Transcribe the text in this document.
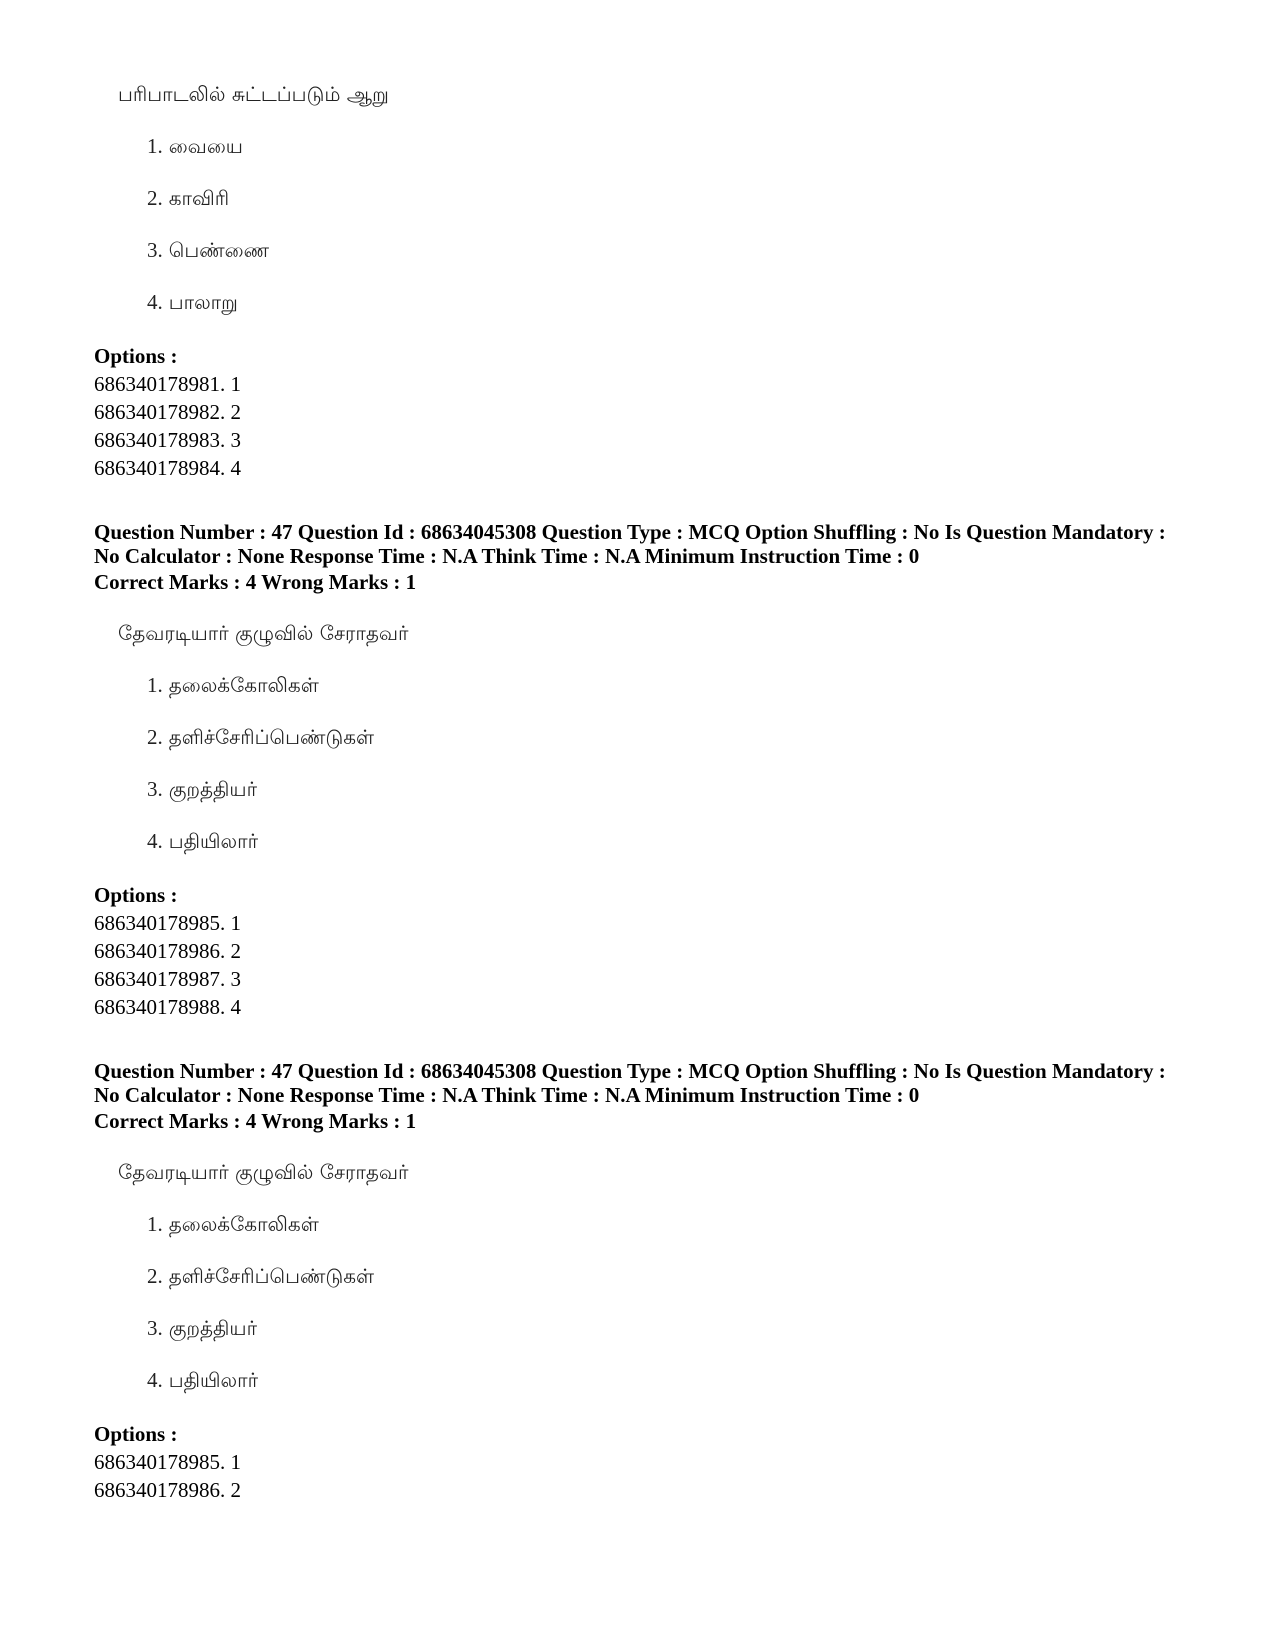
பரிபாடலில் சுட்டப்படும் ஆறு
1. வையை
2. காவிரி
3. பெண்ணை
4. பாலாறு
Options :
686340178981. 1
686340178982. 2
686340178983. 3
686340178984. 4
Question Number : 47 Question Id : 68634045308 Question Type : MCQ Option Shuffling : No Is Question Mandatory :
No Calculator : None Response Time : N.A Think Time : N.A Minimum Instruction Time : 0
Correct Marks : 4 Wrong Marks : 1
தேவரடியார் குழுவில் சேராதவர்
1. தலைக்கோலிகள்
2. தளிச்சேரிப்பெண்டுகள்
3. குறத்தியர்
4. பதியிலார்
Options :
686340178985. 1
686340178986. 2
686340178987. 3
686340178988. 4
Question Number : 47 Question Id : 68634045308 Question Type : MCQ Option Shuffling : No Is Question Mandatory :
No Calculator : None Response Time : N.A Think Time : N.A Minimum Instruction Time : 0
Correct Marks : 4 Wrong Marks : 1
தேவரடியார் குழுவில் சேராதவர்
1. தலைக்கோலிகள்
2. தளிச்சேரிப்பெண்டுகள்
3. குறத்தியர்
4. பதியிலார்
Options :
686340178985. 1
686340178986. 2
